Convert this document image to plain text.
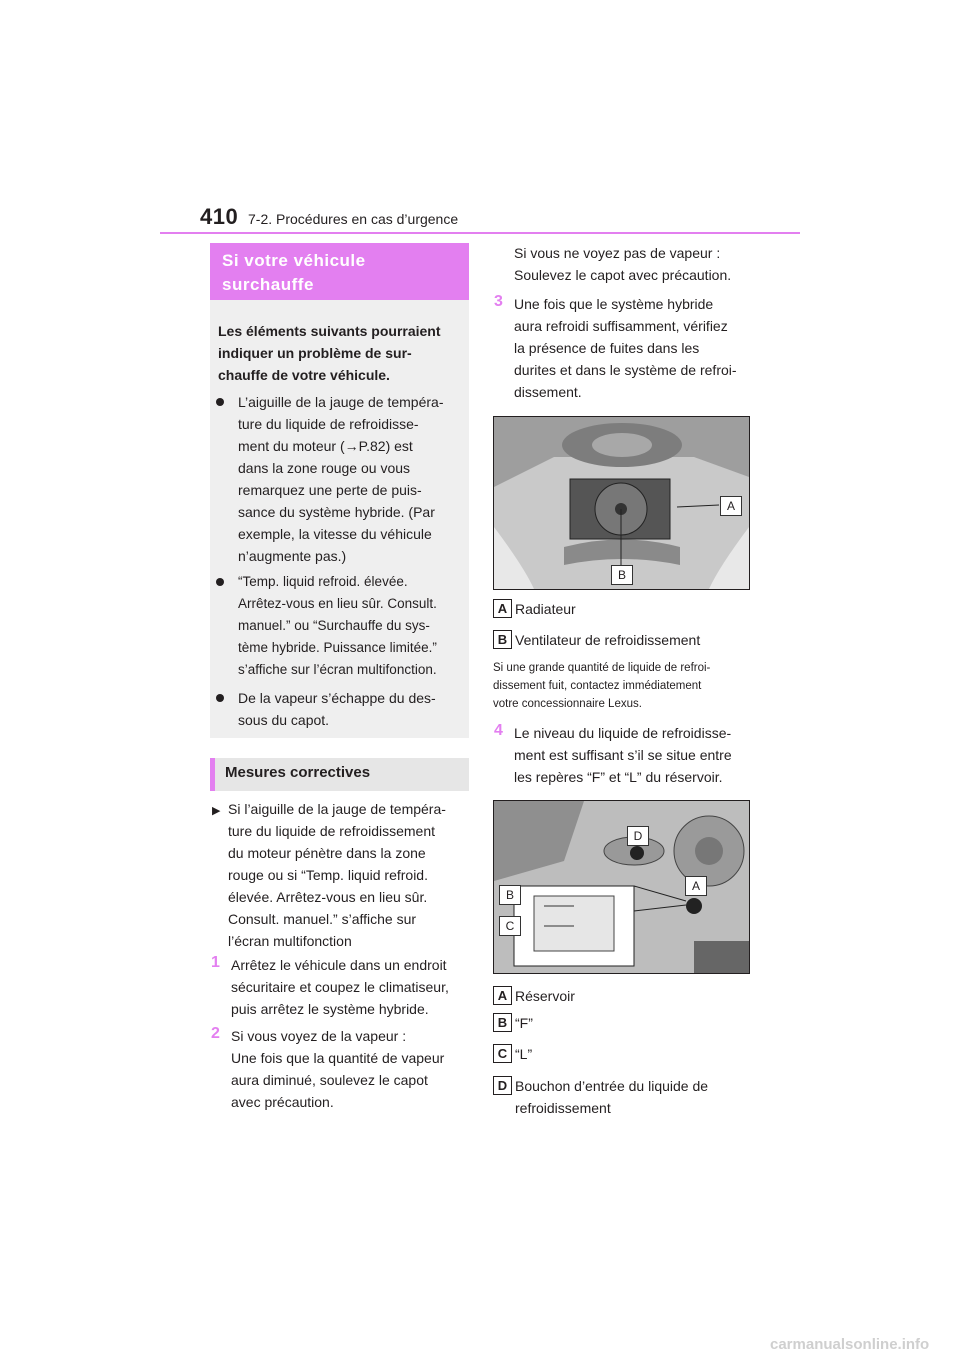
410 7-2. Procédures en cas d’urgence
Si votre véhicule surchauffe
Les éléments suivants pourraient
indiquer un problème de sur-
chauffe de votre véhicule.
L’aiguille de la jauge de tempéra-
ture du liquide de refroidisse-
ment du moteur (→P.82) est
dans la zone rouge ou vous
remarquez une perte de puis-
sance du système hybride. (Par
exemple, la vitesse du véhicule
n’augmente pas.)
“Temp. liquid refroid. élevée.
Arrêtez-vous en lieu sûr. Consult.
manuel.” ou “Surchauffe du sys-
tème hybride. Puissance limitée.”
s’affiche sur l’écran multifonction.
De la vapeur s’échappe du des-
sous du capot.
Mesures correctives
▶ Si l’aiguille de la jauge de tempéra-
ture du liquide de refroidissement
du moteur pénètre dans la zone
rouge ou si “Temp. liquid refroid.
élevée. Arrêtez-vous en lieu sûr.
Consult. manuel.” s’affiche sur
l’écran multifonction
1 Arrêtez le véhicule dans un endroit
sécuritaire et coupez le climatiseur,
puis arrêtez le système hybride.
2 Si vous voyez de la vapeur :
Une fois que la quantité de vapeur
aura diminué, soulevez le capot
avec précaution.
Si vous ne voyez pas de vapeur :
Soulevez le capot avec précaution.
3 Une fois que le système hybride
aura refroidi suffisamment, vérifiez
la présence de fuites dans les
durites et dans le système de refroi-
dissement.
A
B
A Radiateur
B Ventilateur de refroidissement
Si une grande quantité de liquide de refroi-
dissement fuit, contactez immédiatement
votre concessionnaire Lexus.
4 Le niveau du liquide de refroidisse-
ment est suffisant s’il se situe entre
les repères “F” et “L” du réservoir.
D
B
A
C
A Réservoir
B “F”
C “L”
D Bouchon d’entrée du liquide de
refroidissement
carmanualsonline.info
